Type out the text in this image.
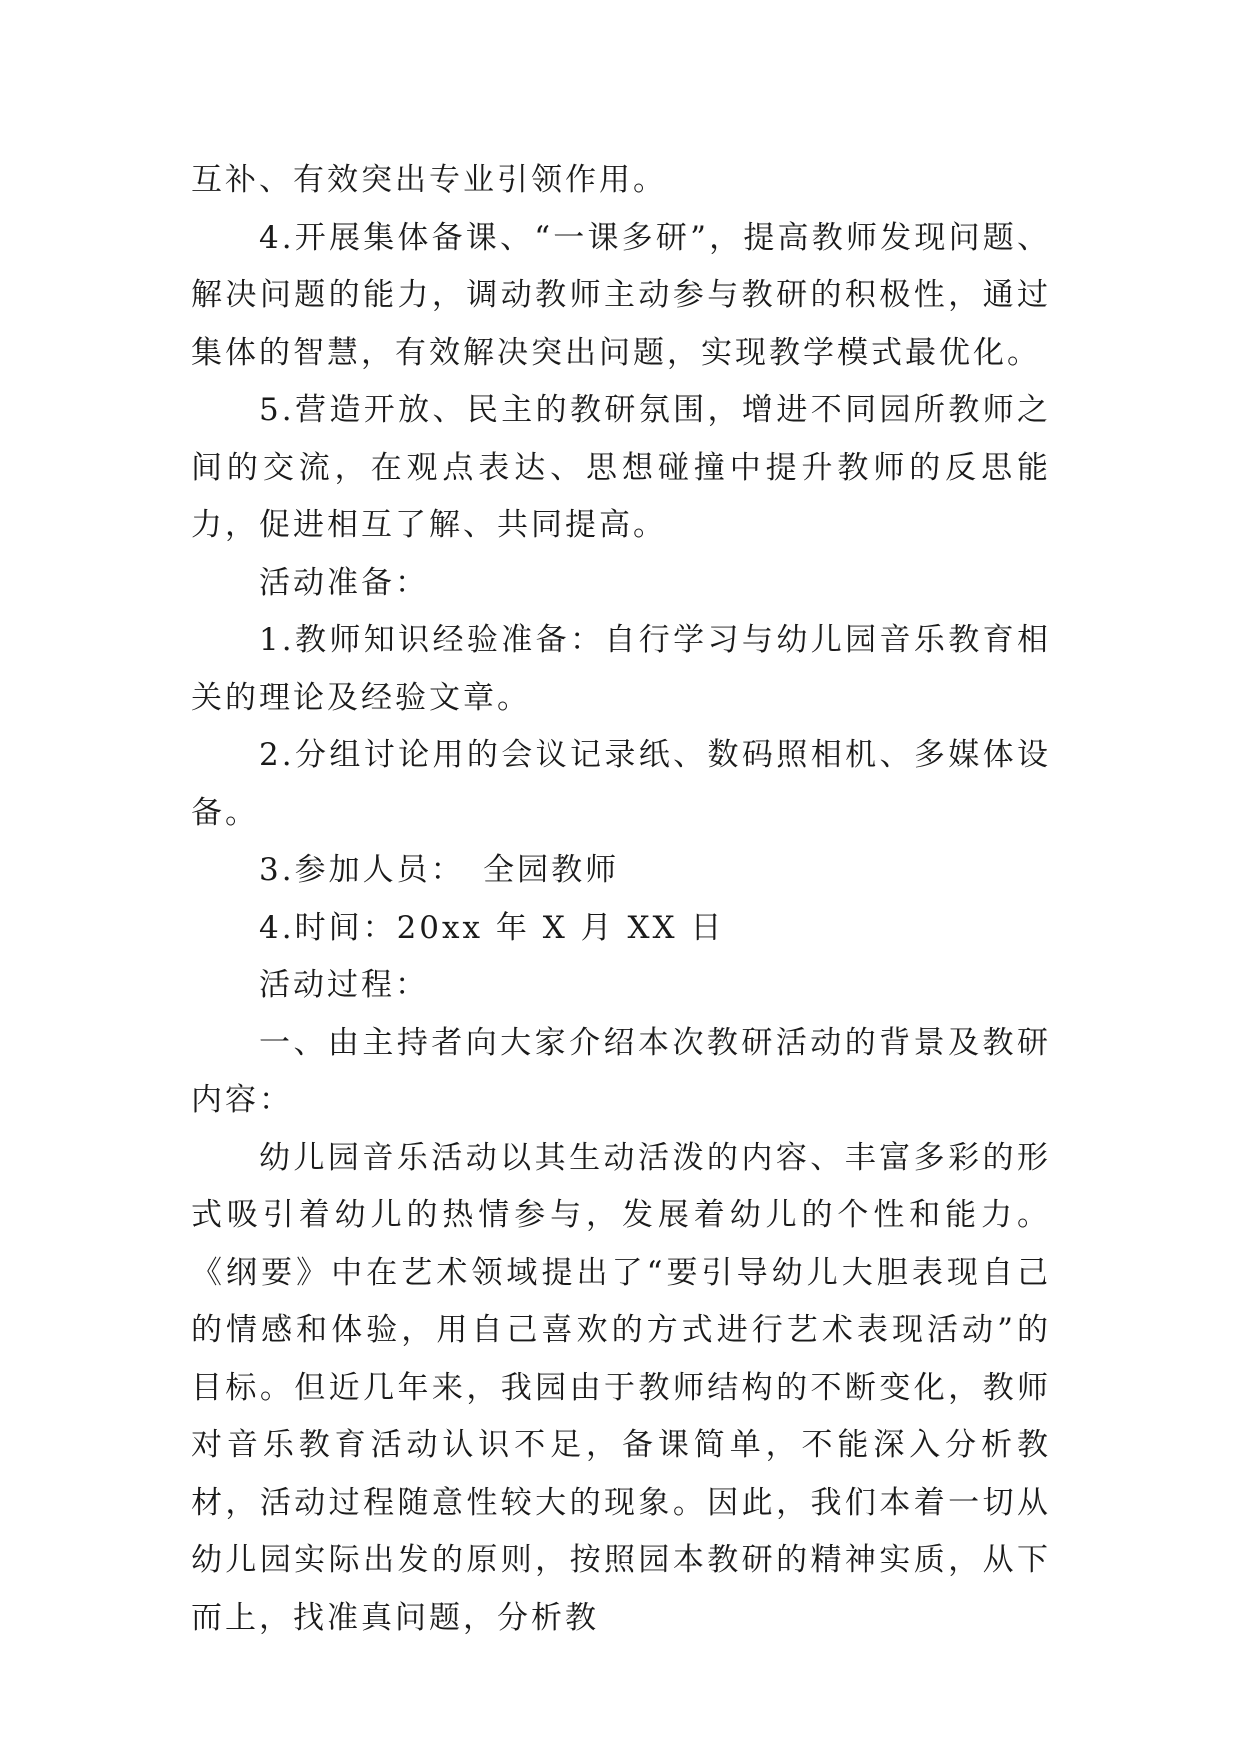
互补、有效突出专业引领作用。

4.开展集体备课、“一课多研”，提高教师发现问题、解决问题的能力，调动教师主动参与教研的积极性，通过集体的智慧，有效解决突出问题，实现教学模式最优化。

5.营造开放、民主的教研氛围，增进不同园所教师之间的交流，在观点表达、思想碰撞中提升教师的反思能力，促进相互了解、共同提高。

活动准备：

1.教师知识经验准备：自行学习与幼儿园音乐教育相关的理论及经验文章。

2.分组讨论用的会议记录纸、数码照相机、多媒体设备。

3.参加人员：　全园教师

4.时间：20xx 年 X 月 XX 日

活动过程：

一、由主持者向大家介绍本次教研活动的背景及教研内容：

幼儿园音乐活动以其生动活泼的内容、丰富多彩的形式吸引着幼儿的热情参与，发展着幼儿的个性和能力。《纲要》中在艺术领域提出了“要引导幼儿大胆表现自己的情感和体验，用自己喜欢的方式进行艺术表现活动”的目标。但近几年来，我园由于教师结构的不断变化，教师对音乐教育活动认识不足，备课简单，不能深入分析教材，活动过程随意性较大的现象。因此，我们本着一切从幼儿园实际出发的原则，按照园本教研的精神实质，从下而上，找准真问题，分析教
